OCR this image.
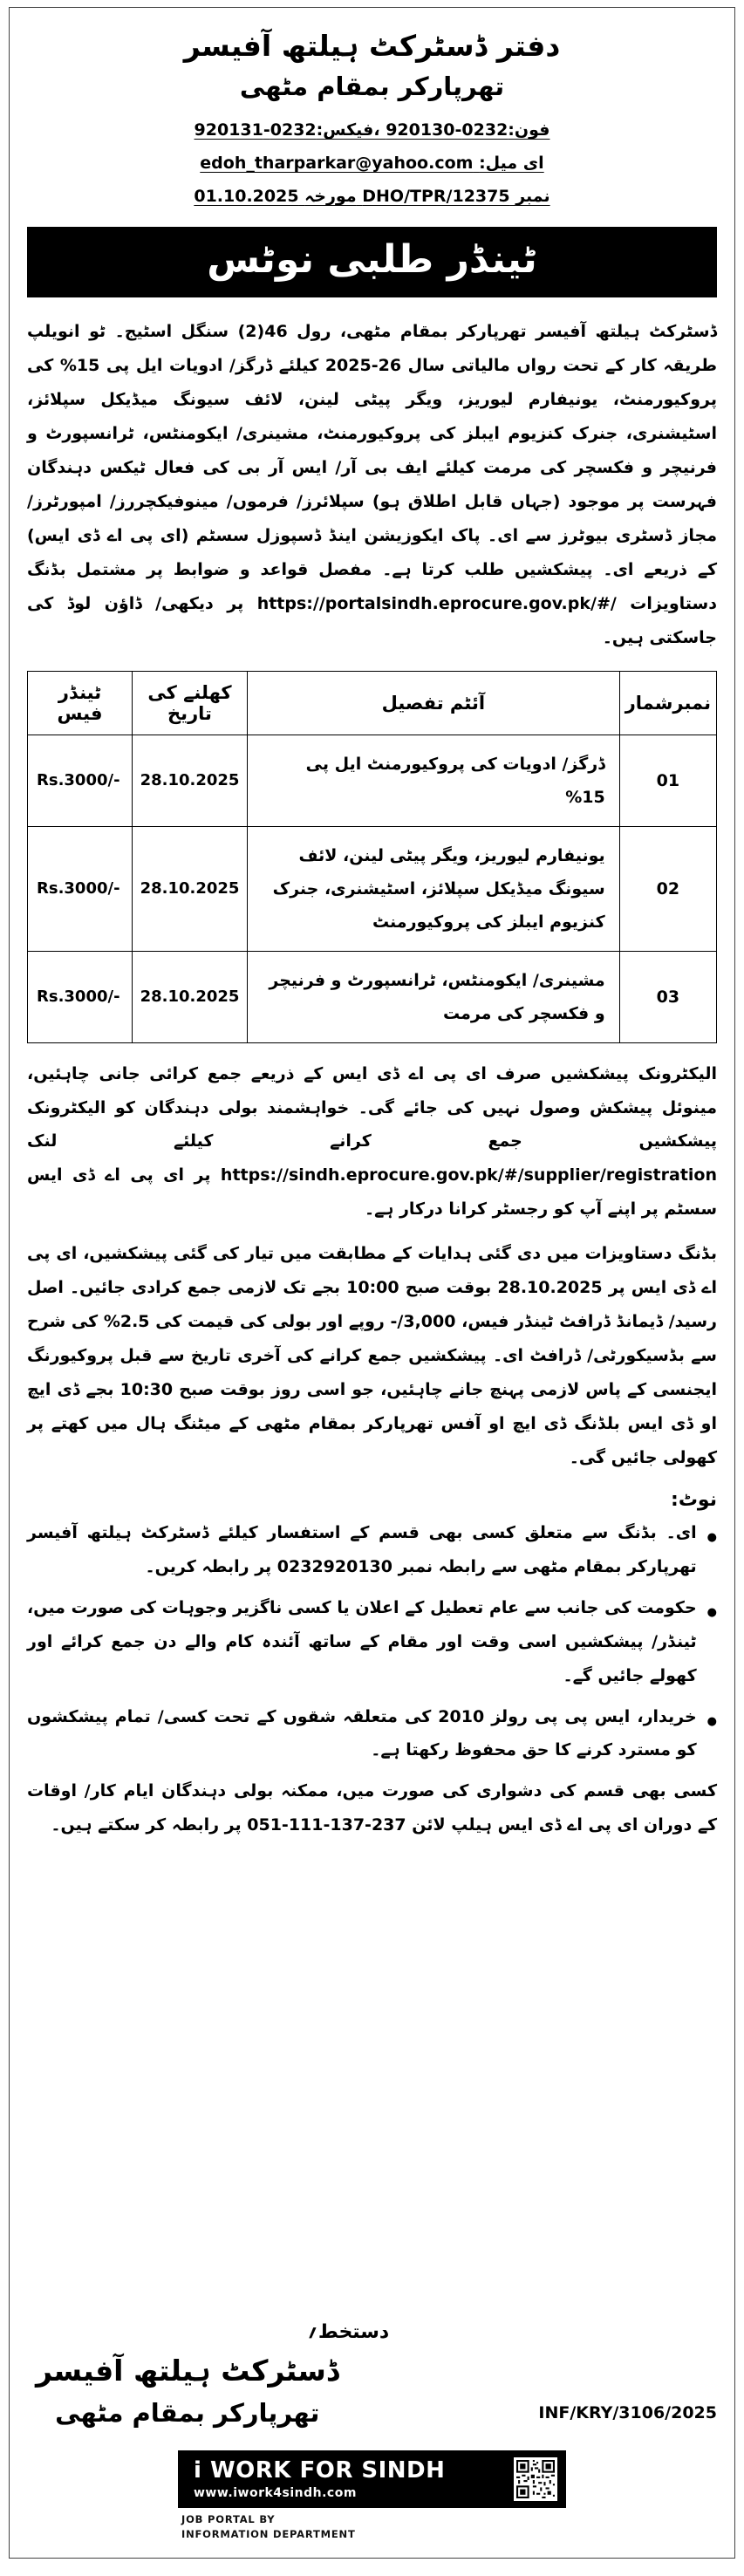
دفتر ڈسٹرکٹ ہیلتھ آفیسر
تھرپارکر بمقام مٹھی
فون:0232-920130 ،فیکس:0232-920131
ای میل: edoh_tharparkar@yahoo.com
نمبر DHO/TPR/12375 مورخہ 01.10.2025
ٹینڈر طلبی نوٹس

ڈسٹرکٹ ہیلتھ آفیسر تھرپارکر بمقام مٹھی، رول 46(2) سنگل اسٹیج۔ ٹو انویلپ طریقہ کار کے تحت رواں مالیاتی سال 26-2025 کیلئے ڈرگز/ ادویات ایل پی 15% کی پروکیورمنٹ، یونیفارم لیوریز، ویگر پیٹی لینن، لائف سیونگ میڈیکل سپلائز، اسٹیشنری، جنرک کنزیوم ایبلز کی پروکیورمنٹ، مشینری/ ایکومنٹس، ٹرانسپورٹ و فرنیچر و فکسچر کی مرمت کیلئے ایف بی آر/ ایس آر بی کی فعال ٹیکس دہندگان فہرست پر موجود (جہاں قابل اطلاق ہو) سپلائرز/ فرموں/ مینوفیکچررز/ امپورٹرز/ مجاز ڈسٹری بیوٹرز سے ای۔ پاک ایکوزیشن اینڈ ڈسپوزل سسٹم (ای پی اے ڈی ایس) کے ذریعے ای۔ پیشکشیں طلب کرتا ہے۔ مفصل قواعد و ضوابط پر مشتمل بڈنگ دستاویزات https://portalsindh.eprocure.gov.pk/#/ پر دیکھی/ ڈاؤن لوڈ کی جاسکتی ہیں۔

نمبرشمار	آئٹم تفصیل	کھلنے کی تاریخ	ٹینڈر فیس
01	ڈرگز/ ادویات کی پروکیورمنٹ ایل پی 15%	28.10.2025	Rs.3000/-
02	یونیفارم لیوریز، ویگر پیٹی لینن، لائف سیونگ میڈیکل سپلائز، اسٹیشنری، جنرک کنزیوم ایبلز کی پروکیورمنٹ	28.10.2025	Rs.3000/-
03	مشینری/ ایکومنٹس، ٹرانسپورٹ و فرنیچر و فکسچر کی مرمت	28.10.2025	Rs.3000/-

الیکٹرونک پیشکشیں صرف ای پی اے ڈی ایس کے ذریعے جمع کرائی جانی چاہئیں، مینوئل پیشکش وصول نہیں کی جائے گی۔ خواہشمند بولی دہندگان کو الیکٹرونک پیشکشیں جمع کرانے کیلئے لنک https://sindh.eprocure.gov.pk/#/supplier/registration پر ای پی اے ڈی ایس سسٹم پر اپنے آپ کو رجسٹر کرانا درکار ہے۔

بڈنگ دستاویزات میں دی گئی ہدایات کے مطابقت میں تیار کی گئی پیشکشیں، ای پی اے ڈی ایس پر 28.10.2025 بوقت صبح 10:00 بجے تک لازمی جمع کرادی جائیں۔ اصل رسید/ ڈیمانڈ ڈرافٹ ٹینڈر فیس، 3,000/- روپے اور بولی کی قیمت کی 2.5% کی شرح سے بڈسیکورٹی/ ڈرافٹ ای۔ پیشکشیں جمع کرانے کی آخری تاریخ سے قبل پروکیورنگ ایجنسی کے پاس لازمی پہنچ جانے چاہئیں، جو اسی روز بوقت صبح 10:30 بجے ڈی ایچ او ڈی ایس بلڈنگ ڈی ایچ او آفس تھرپارکر بمقام مٹھی کے میٹنگ ہال میں کھتے پر کھولی جائیں گی۔

نوٹ:
●

ای۔ بڈنگ سے متعلق کسی بھی قسم کے استفسار کیلئے ڈسٹرکٹ ہیلتھ آفیسر تھرپارکر بمقام مٹھی سے رابطہ نمبر 0232920130 پر رابطہ کریں۔

●

حکومت کی جانب سے عام تعطیل کے اعلان یا کسی ناگزیر وجوہات کی صورت میں، ٹینڈر/ پیشکشیں اسی وقت اور مقام کے ساتھ آئندہ کام والے دن جمع کرائے اور کھولے جائیں گے۔

●

خریدار، ایس پی پی رولز 2010 کی متعلقہ شقوں کے تحت کسی/ تمام پیشکشوں کو مسترد کرنے کا حق محفوظ رکھتا ہے۔

کسی بھی قسم کی دشواری کی صورت میں، ممکنہ بولی دہندگان ایام کار/ اوقات کے دوران ای پی اے ڈی ایس ہیلپ لائن 237-137-111-051 پر رابطہ کر سکتے ہیں۔

دستخط؍
ڈسٹرکٹ ہیلتھ آفیسر
تھرپارکر بمقام مٹھی	INF/KRY/3106/2025
i WORK FOR SINDH
www.iwork4sindh.com
JOB PORTAL BY
INFORMATION DEPARTMENT
